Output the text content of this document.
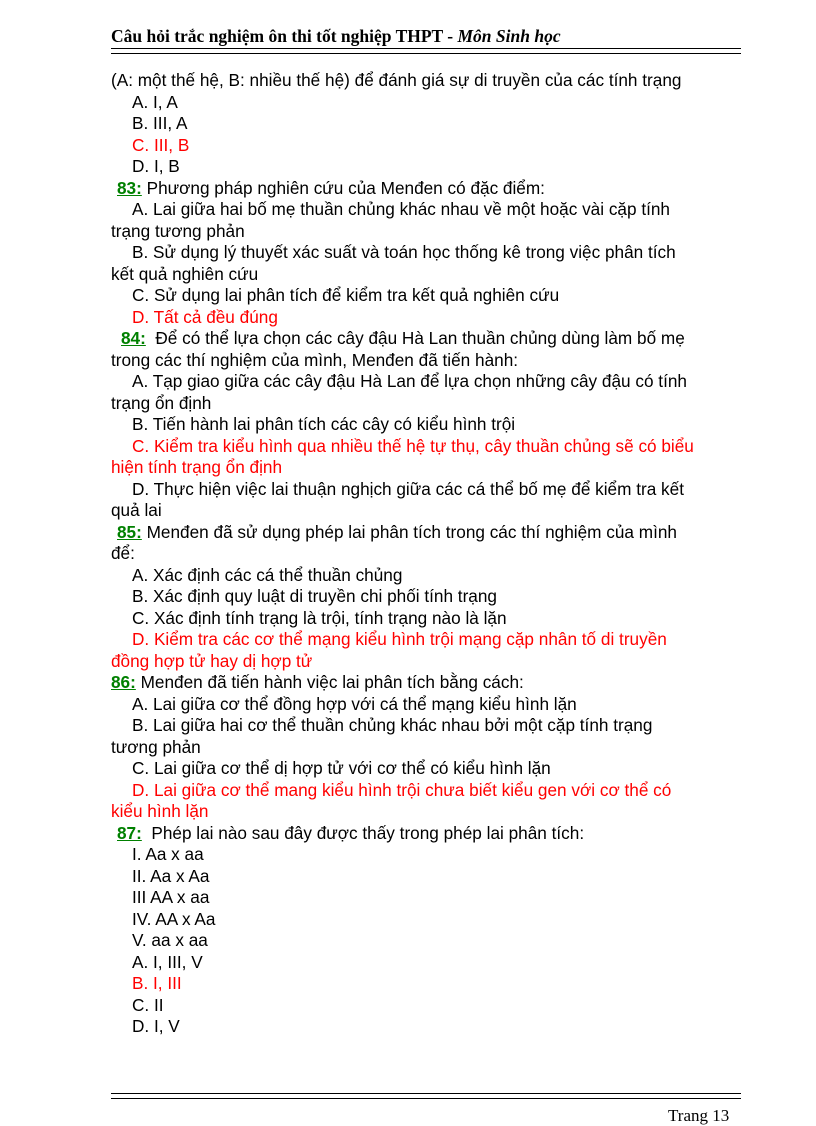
Câu hỏi trắc nghiệm ôn thi tốt nghiệp THPT - Môn Sinh học
(A: một thế hệ, B: nhiều thế hệ) để đánh giá sự di truyền của các tính trạng
A. I, A
B. III, A
C. III, B
D. I, B
83: Phương pháp nghiên cứu của Menđen có đặc điểm:
A. Lai giữa hai bố mẹ thuần chủng khác nhau về một hoặc vài cặp tính
trạng tương phản
B. Sử dụng lý thuyết xác suất và toán học thống kê trong việc phân tích
kết quả nghiên cứu
C. Sử dụng lai phân tích để kiểm tra kết quả nghiên cứu
D. Tất cả đều đúng
84:  Để có thể lựa chọn các cây đậu Hà Lan thuần chủng dùng làm bố mẹ
trong các thí nghiệm của mình, Menđen đã tiến hành:
A. Tạp giao giữa các cây đậu Hà Lan để lựa chọn những cây đậu có tính
trạng ổn định
B. Tiến hành lai phân tích các cây có kiểu hình trội
C. Kiểm tra kiểu hình qua nhiều thế hệ tự thụ, cây thuần chủng sẽ có biểu
hiện tính trạng ổn định
D. Thực hiện việc lai thuận nghịch giữa các cá thể bố mẹ để kiểm tra kết
quả lai
85: Menđen đã sử dụng phép lai phân tích trong các thí nghiệm của mình
để:
A. Xác định các cá thể thuần chủng
B. Xác định quy luật di truyền chi phối tính trạng
C. Xác định tính trạng là trội, tính trạng nào là lặn
D. Kiểm tra các cơ thể mạng kiểu hình trội mạng cặp nhân tố di truyền
đồng hợp tử hay dị hợp tử
86: Menđen đã tiến hành việc lai phân tích bằng cách:
A. Lai giữa cơ thể đồng hợp với cá thể mạng kiểu hình lặn
B. Lai giữa hai cơ thể thuần chủng khác nhau bởi một cặp tính trạng
tương phản
C. Lai giữa cơ thể dị hợp tử với cơ thể có kiểu hình lặn
D. Lai giữa cơ thể mang kiểu hình trội chưa biết kiểu gen với cơ thể có
kiểu hình lặn
87:  Phép lai nào sau đây được thấy trong phép lai phân tích:
I. Aa x aa
II. Aa x Aa
III AA x aa
IV. AA x Aa
V. aa x aa
A. I, III, V
B. I, III
C. II
D. I, V
Trang 13
